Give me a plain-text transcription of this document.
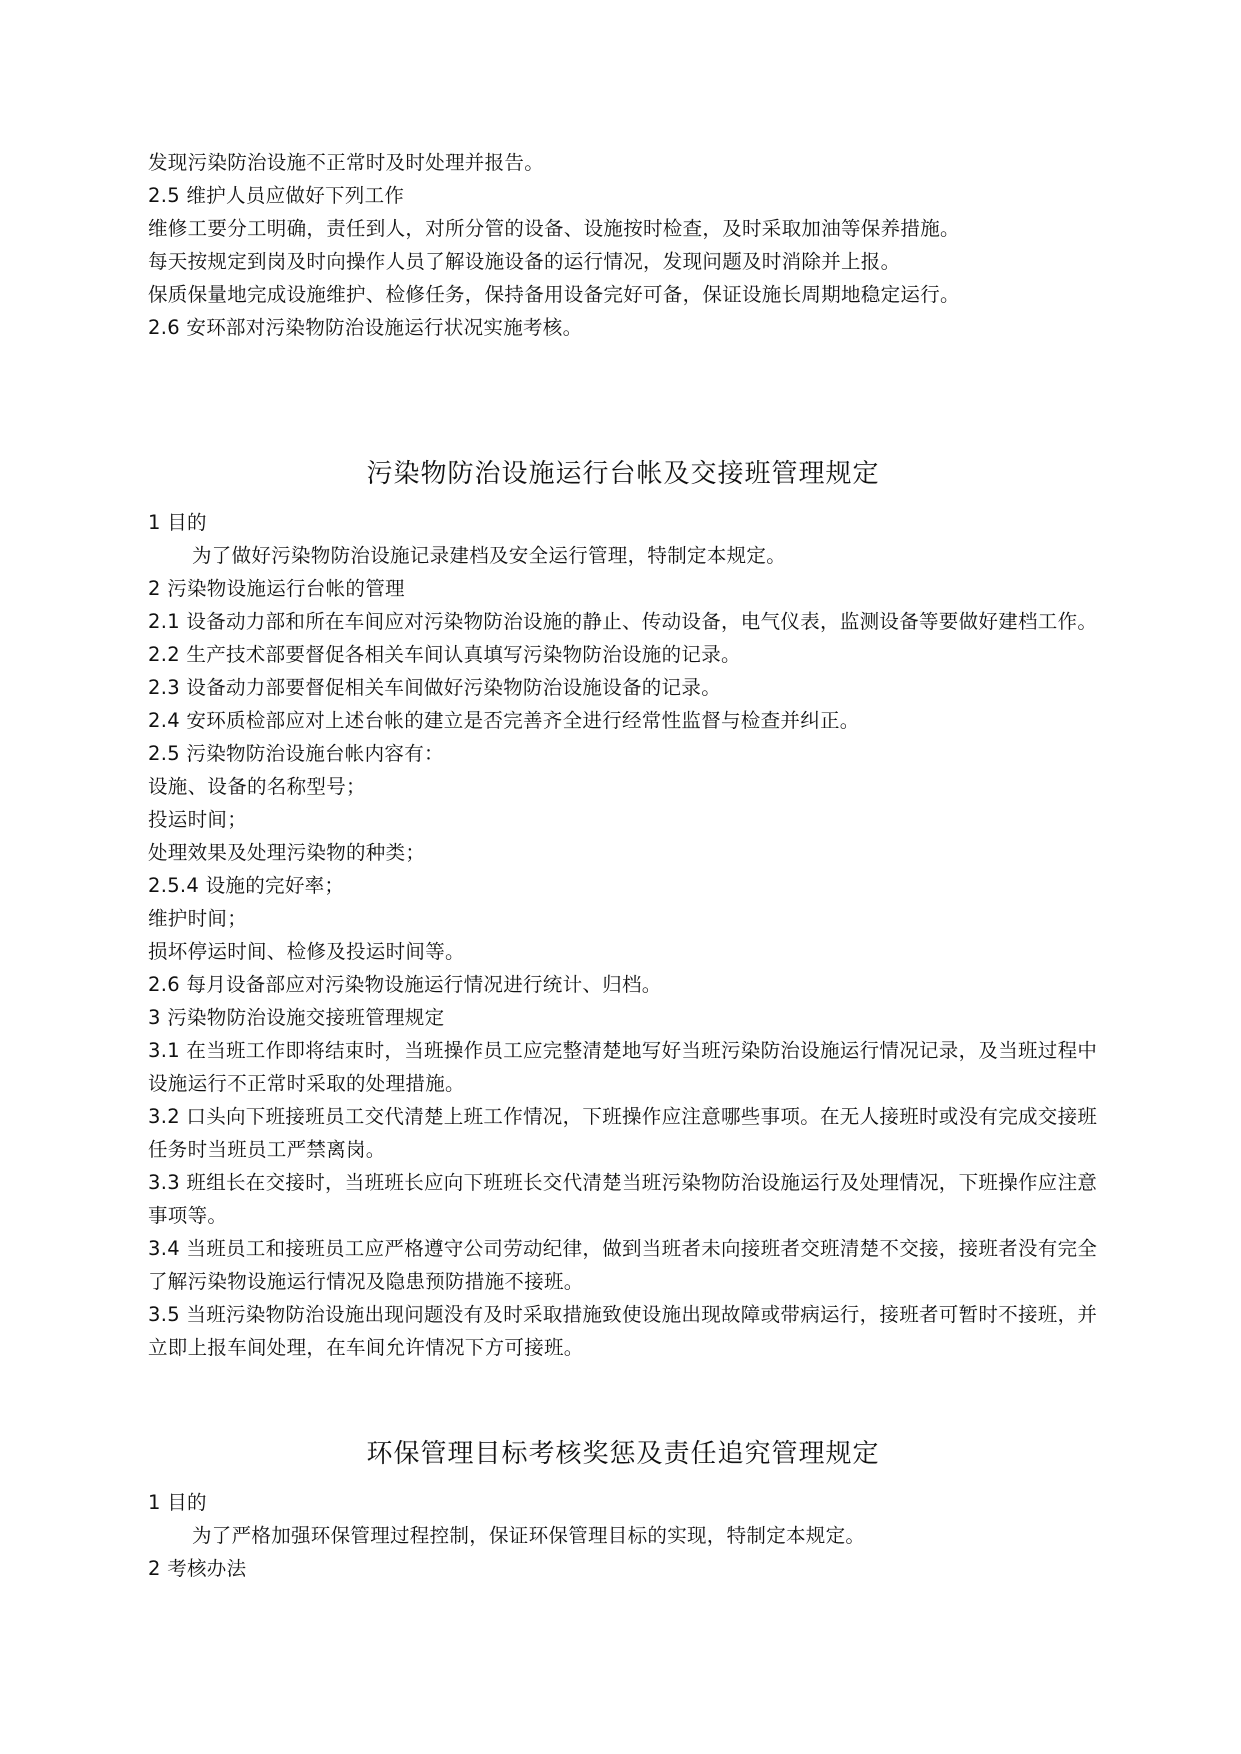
发现污染防治设施不正常时及时处理并报告。
2.5 维护人员应做好下列工作
维修工要分工明确，责任到人，对所分管的设备、设施按时检查，及时采取加油等保养措施。
每天按规定到岗及时向操作人员了解设施设备的运行情况，发现问题及时消除并上报。
保质保量地完成设施维护、检修任务，保持备用设备完好可备，保证设施长周期地稳定运行。
2.6 安环部对污染物防治设施运行状况实施考核。
污染物防治设施运行台帐及交接班管理规定
1 目的
为了做好污染物防治设施记录建档及安全运行管理，特制定本规定。
2 污染物设施运行台帐的管理
2.1 设备动力部和所在车间应对污染物防治设施的静止、传动设备，电气仪表，监测设备等要做好建档工作。
2.2 生产技术部要督促各相关车间认真填写污染物防治设施的记录。
2.3 设备动力部要督促相关车间做好污染物防治设施设备的记录。
2.4 安环质检部应对上述台帐的建立是否完善齐全进行经常性监督与检查并纠正。
2.5 污染物防治设施台帐内容有：
设施、设备的名称型号；
投运时间；
处理效果及处理污染物的种类；
2.5.4 设施的完好率；
维护时间；
损坏停运时间、检修及投运时间等。
2.6 每月设备部应对污染物设施运行情况进行统计、归档。
3 污染物防治设施交接班管理规定
3.1 在当班工作即将结束时，当班操作员工应完整清楚地写好当班污染防治设施运行情况记录，及当班过程中设施运行不正常时采取的处理措施。
3.2 口头向下班接班员工交代清楚上班工作情况，下班操作应注意哪些事项。在无人接班时或没有完成交接班任务时当班员工严禁离岗。
3.3 班组长在交接时，当班班长应向下班班长交代清楚当班污染物防治设施运行及处理情况，下班操作应注意事项等。
3.4 当班员工和接班员工应严格遵守公司劳动纪律，做到当班者未向接班者交班清楚不交接，接班者没有完全了解污染物设施运行情况及隐患预防措施不接班。
3.5 当班污染物防治设施出现问题没有及时采取措施致使设施出现故障或带病运行，接班者可暂时不接班，并立即上报车间处理，在车间允许情况下方可接班。
环保管理目标考核奖惩及责任追究管理规定
1 目的
为了严格加强环保管理过程控制，保证环保管理目标的实现，特制定本规定。
2 考核办法
